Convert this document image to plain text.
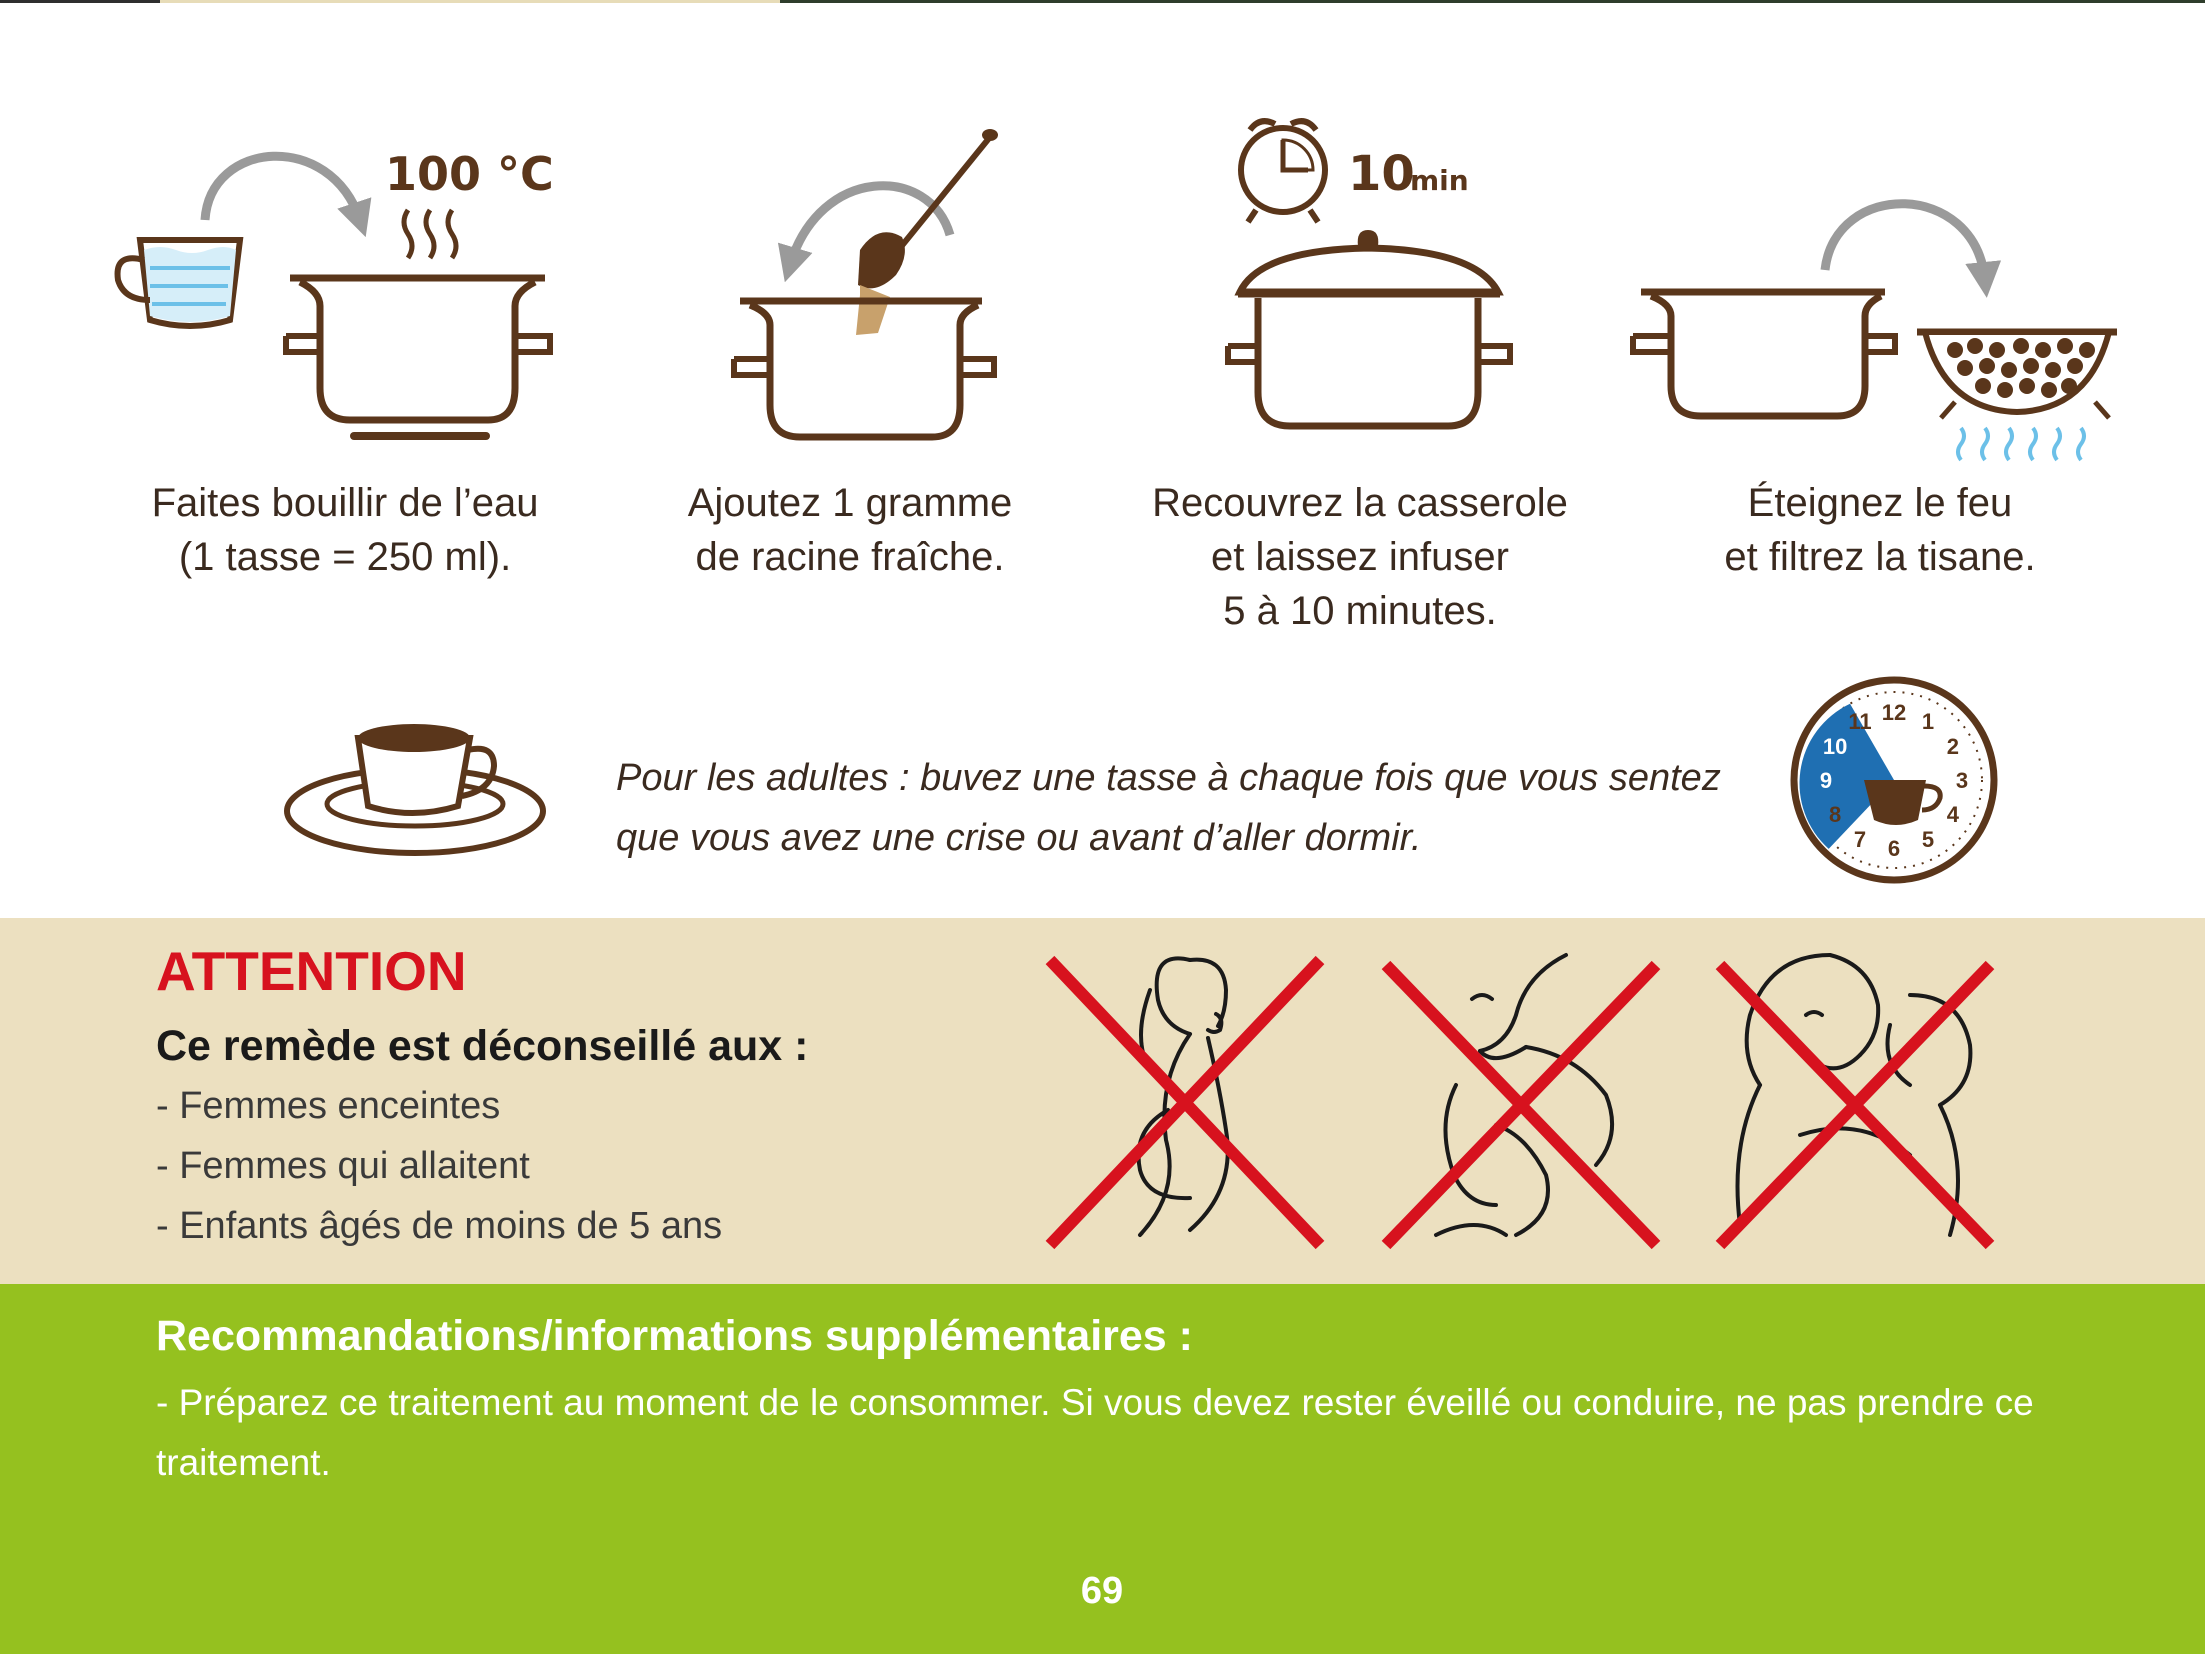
100 °C
Faites bouillir de l’eau
(1 tasse = 250 ml).
Ajoutez 1 gramme
de racine fraîche.
10
min
Recouvrez la casserole
et laissez infuser
5 à 10 minutes.
Éteignez le feu
et filtrez la tisane.
Pour les adultes : buvez une tasse à chaque fois que vous sentez que vous avez une crise ou avant d’aller dormir.
12 1
2
3
4
5
6
7
8
9
10
11
ATTENTION
Ce remède est déconseillé aux :
- Femmes enceintes
- Femmes qui allaitent
- Enfants âgés de moins de 5 ans
Recommandations/informations supplémentaires :
- Préparez ce traitement au moment de le consommer. Si vous devez rester éveillé ou conduire, ne pas prendre ce traitement.
69
